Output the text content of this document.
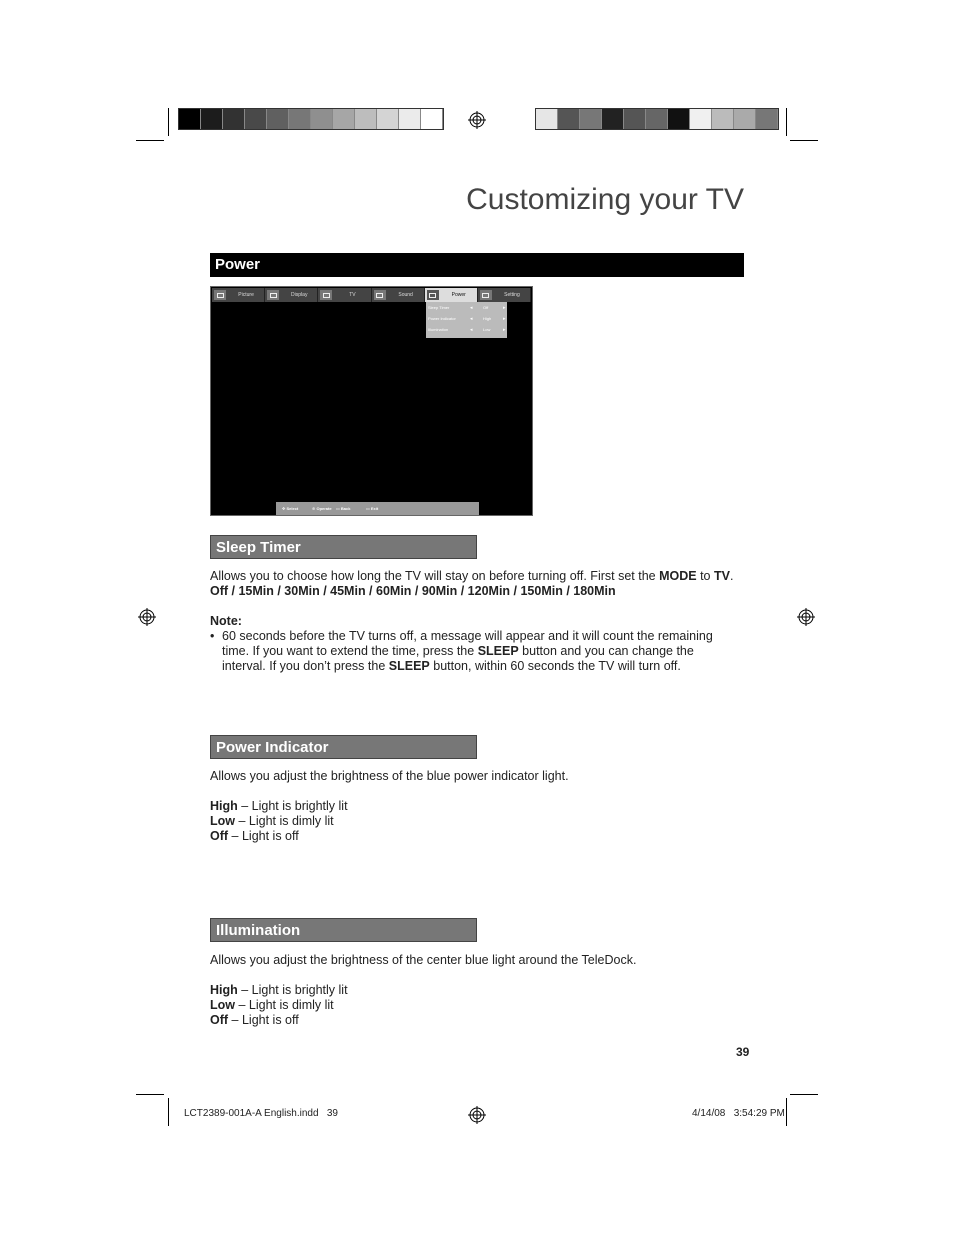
Customizing your TV
Power
Picture	Display	TV	Sound	Power	Setting
Sleep Timer	◂	Off	▸
Power Indicator	◂	High ▸
Illumination	◂	Low	▸
✥ Select	⊕ Operate ▭ Back	▭ Exit
Sleep Timer
Allows you to choose how long the TV will stay on before turning off. First set the MODE to TV.
Off / 15Min / 30Min / 45Min / 60Min / 90Min / 120Min / 150Min / 180Min
Note:
• 60 seconds before the TV turns off, a message will appear and it will count the remaining
time. If you want to extend the time, press the SLEEP button and you can change the
interval. If you don’t press the SLEEP button, within 60 seconds the TV will turn off.
Power Indicator
Allows you adjust the brightness of the blue power indicator light.
High – Light is brightly lit
Low – Light is dimly lit
Off – Light is off
Illumination
Allows you adjust the brightness of the center blue light around the TeleDock.
High – Light is brightly lit
Low – Light is dimly lit
Off – Light is off
39
LCT2389-001A-A English.indd   39	4/14/08   3:54:29 PM
